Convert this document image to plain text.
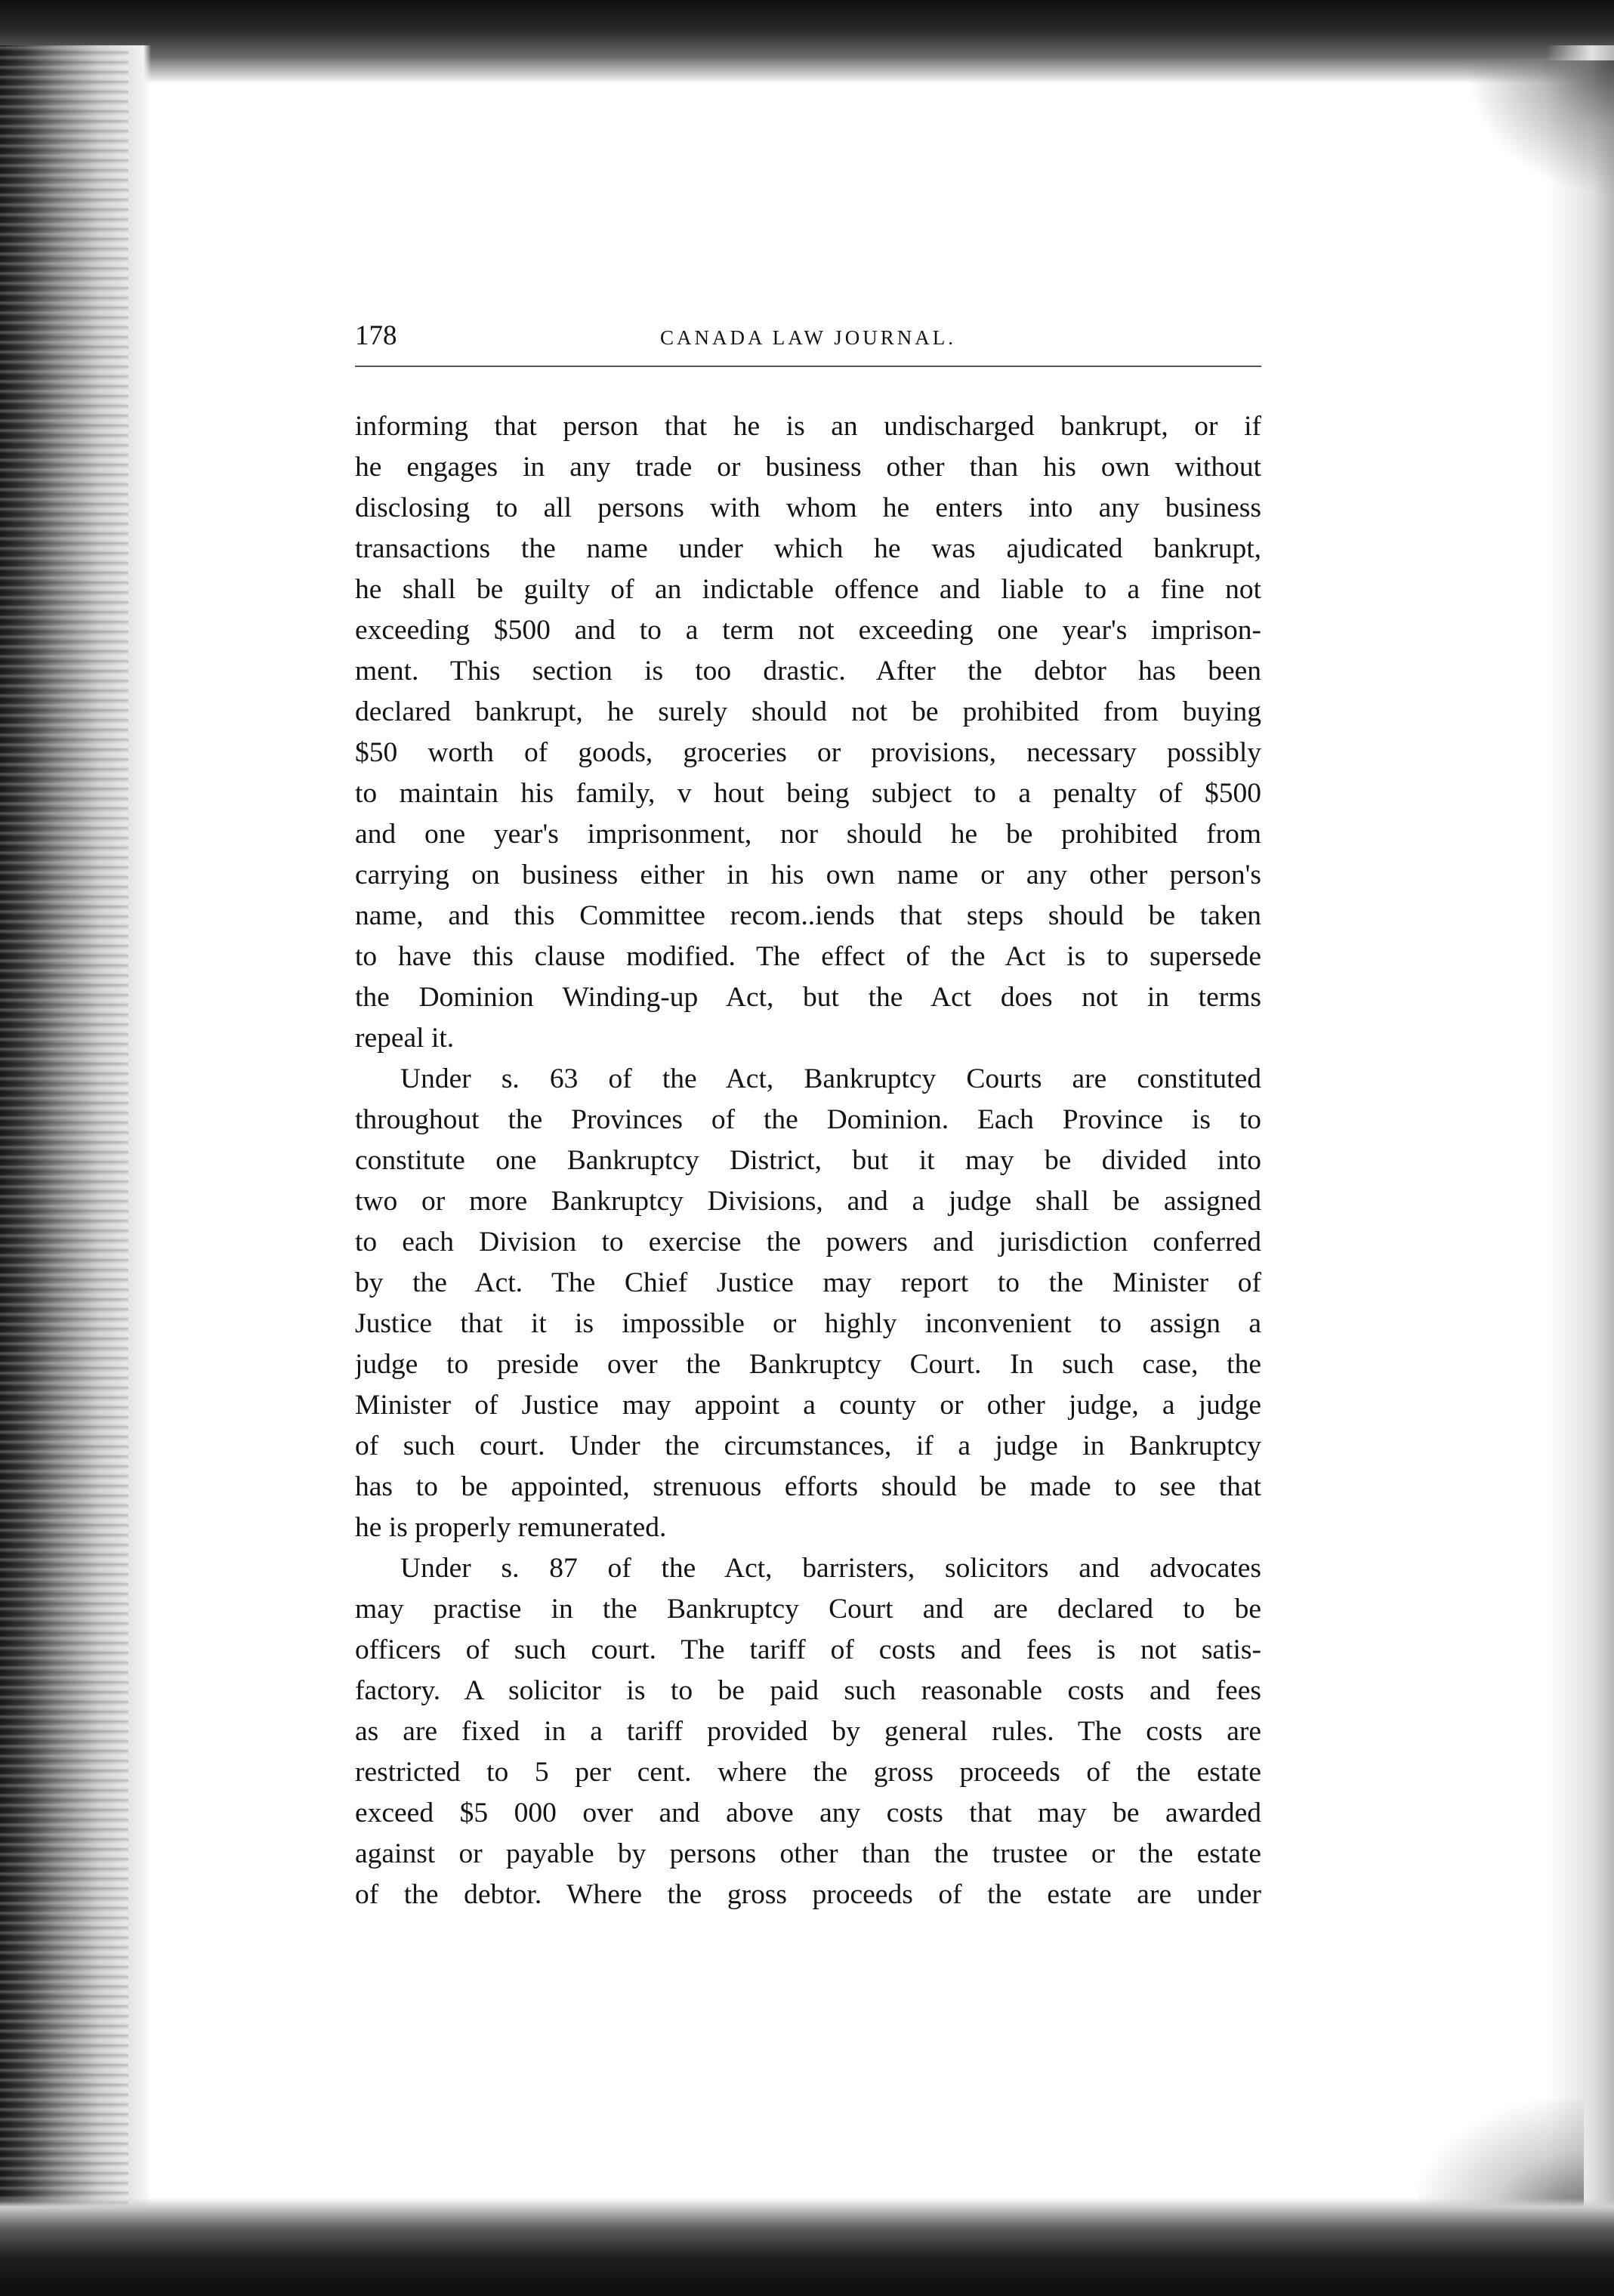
178	CANADA LAW JOURNAL.
informing that person that he is an undischarged bankrupt, or if
he engages in any trade or business other than his own without
disclosing to all persons with whom he enters into any business
transactions the name under which he was ajudicated bankrupt,
he shall be guilty of an indictable offence and liable to a fine not
exceeding $500 and to a term not exceeding one year's imprison-
ment. This section is too drastic. After the debtor has been
declared bankrupt, he surely should not be prohibited from buying
$50 worth of goods, groceries or provisions, necessary possibly
to maintain his family, v hout being subject to a penalty of $500
and one year's imprisonment, nor should he be prohibited from
carrying on business either in his own name or any other person's
name, and this Committee recom..iends that steps should be taken
to have this clause modified. The effect of the Act is to supersede
the Dominion Winding-up Act, but the Act does not in terms
repeal it.
Under s. 63 of the Act, Bankruptcy Courts are constituted
throughout the Provinces of the Dominion. Each Province is to
constitute one Bankruptcy District, but it may be divided into
two or more Bankruptcy Divisions, and a judge shall be assigned
to each Division to exercise the powers and jurisdiction conferred
by the Act. The Chief Justice may report to the Minister of
Justice that it is impossible or highly inconvenient to assign a
judge to preside over the Bankruptcy Court. In such case, the
Minister of Justice may appoint a county or other judge, a judge
of such court. Under the circumstances, if a judge in Bankruptcy
has to be appointed, strenuous efforts should be made to see that
he is properly remunerated.
Under s. 87 of the Act, barristers, solicitors and advocates
may practise in the Bankruptcy Court and are declared to be
officers of such court. The tariff of costs and fees is not satis-
factory. A solicitor is to be paid such reasonable costs and fees
as are fixed in a tariff provided by general rules. The costs are
restricted to 5 per cent. where the gross proceeds of the estate
exceed $5 000 over and above any costs that may be awarded
against or payable by persons other than the trustee or the estate
of the debtor. Where the gross proceeds of the estate are under
